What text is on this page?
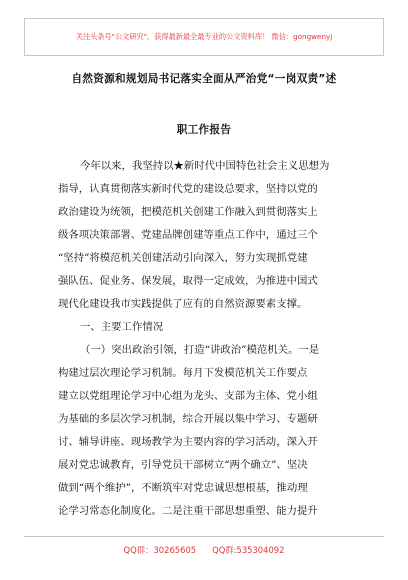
关注头条号"公文研究"，获得最新最全最专业的公文资料库！ 微信：gongwenyj
自然资源和规划局书记落实全面从严治党“一岗双责”述
职工作报告
今年以来，我坚持以★新时代中国特色社会主义思想为
指导，认真贯彻落实新时代党的建设总要求，坚持以党的
政治建设为统领，把模范机关创建工作融入到贯彻落实上
级各项决策部署、党建品牌创建等重点工作中，通过三个
“坚持”将模范机关创建活动引向深入，努力实现抓党建
强队伍、促业务、保发展，取得一定成效，为推进中国式
现代化建设我市实践提供了应有的自然资源要素支撑。
一、主要工作情况
（一）突出政治引领，打造“讲政治”模范机关。一是
构建过层次理论学习机制。每月下发模范机关工作要点
建立以党组理论学习中心组为龙头、支部为主体、党小组
为基础的多层次学习机制，综合开展以集中学习、专题研
讨、辅导讲座、现场教学为主要内容的学习活动，深入开
展对党忠诚教育，引导党员干部树立“两个确立”、坚决
做到“两个维护”，不断筑牢对党忠诚思想根基，推动理
论学习常态化制度化。二是注重干部思想重塑、能力提升
QQ群：30265605 QQ群:535304092
